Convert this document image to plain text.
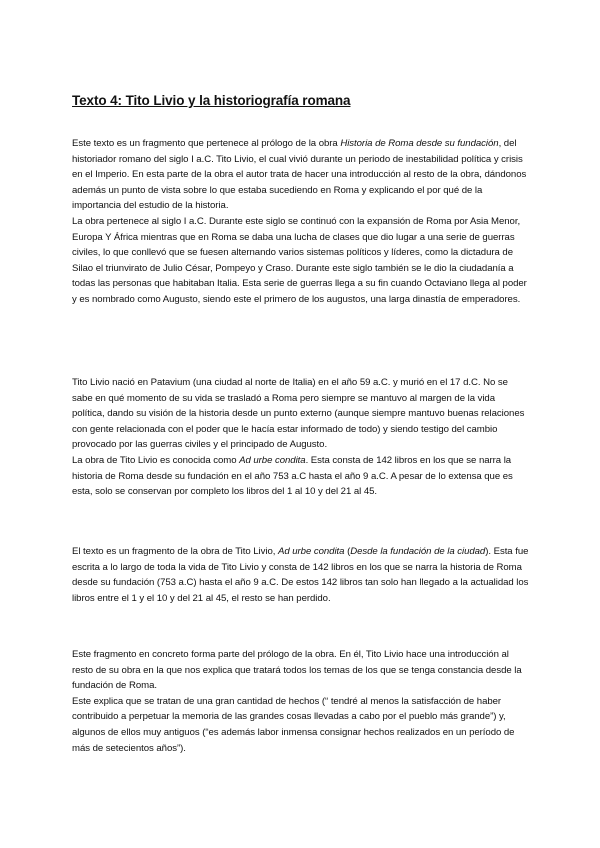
Texto 4: Tito Livio y la historiografía romana

Este texto es un fragmento que pertenece al prólogo de la obra Historia de Roma desde su fundación, del historiador romano del siglo I a.C. Tito Livio, el cual vivió durante un periodo de inestabilidad política y crisis en el Imperio. En esta parte de la obra el autor trata de hacer una introducción al resto de la obra, dándonos además un punto de vista sobre lo que estaba sucediendo en Roma y explicando el por qué de la importancia del estudio de la historia.

La obra pertenece al siglo I a.C. Durante este siglo se continuó con la expansión de Roma por Asia Menor, Europa Y África mientras que en Roma se daba una lucha de clases que dio lugar a una serie de guerras civiles, lo que conllevó que se fuesen alternando varios sistemas políticos y líderes, como la dictadura de Silao el triunvirato de Julio César, Pompeyo y Craso. Durante este siglo también se le dio la ciudadanía a todas las personas que habitaban Italia. Esta serie de guerras llega a su fin cuando Octaviano llega al poder y es nombrado como Augusto, siendo este el primero de los augustos, una larga dinastía de emperadores.

Tito Livio nació en Patavium (una ciudad al norte de Italia) en el año 59 a.C. y murió en el 17 d.C. No se sabe en qué momento de su vida se trasladó a Roma pero siempre se mantuvo al margen de la vida política, dando su visión de la historia desde un punto externo (aunque siempre mantuvo buenas relaciones con gente relacionada con el poder que le hacía estar informado de todo) y siendo testigo del cambio provocado por las guerras civiles y el principado de Augusto.

La obra de Tito Livio es conocida como Ad urbe condita. Esta consta de 142 libros en los que se narra la historia de Roma desde su fundación en el año 753 a.C hasta el año 9 a.C. A pesar de lo extensa que es esta, solo se conservan por completo los libros del 1 al 10 y del 21 al 45.

El texto es un fragmento de la obra de Tito Livio, Ad urbe condita (Desde la fundación de la ciudad). Esta fue escrita a lo largo de toda la vida de Tito Livio y consta de 142 libros en los que se narra la historia de Roma desde su fundación (753 a.C) hasta el año 9 a.C. De estos 142 libros tan solo han llegado a la actualidad los libros entre el 1 y el 10 y del 21 al 45, el resto se han perdido.

Este fragmento en concreto forma parte del prólogo de la obra. En él, Tito Livio hace una introducción al resto de su obra en la que nos explica que tratará todos los temas de los que se tenga constancia desde la fundación de Roma.

Este explica que se tratan de una gran cantidad de hechos (“ tendré al menos la satisfacción de haber contribuido a perpetuar la memoria de las grandes cosas llevadas a cabo por el pueblo más grande”) y, algunos de ellos muy antiguos (“es además labor inmensa consignar hechos realizados en un período de más de setecientos años”).
